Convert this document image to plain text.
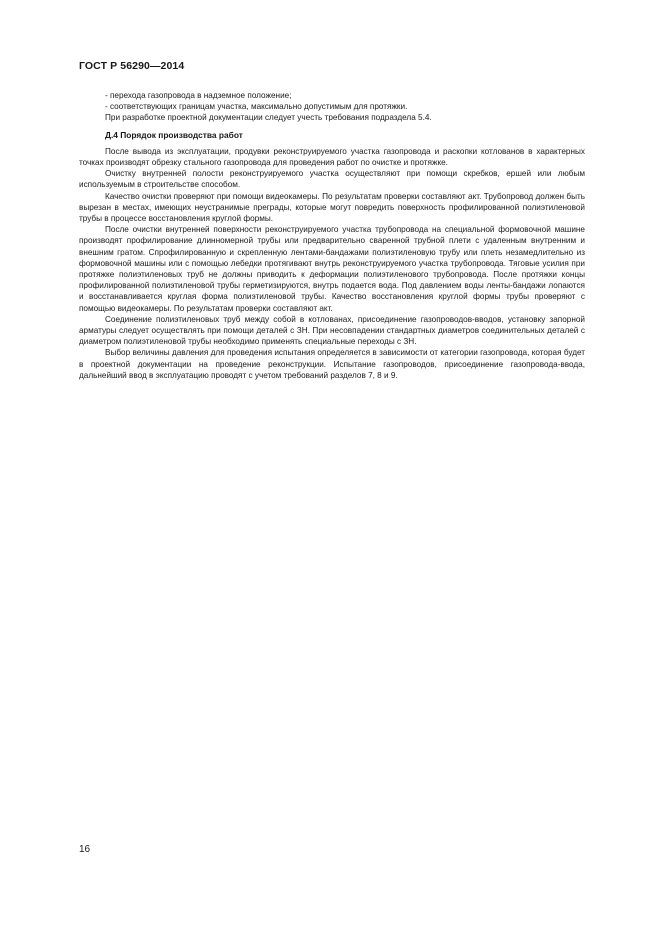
ГОСТ Р 56290—2014

- перехода газопровода в надземное положение;

- соответствующих границам участка, максимально допустимым для протяжки.

При разработке проектной документации следует учесть требования подраздела 5.4.

Д.4 Порядок производства работ

После вывода из эксплуатации, продувки реконструируемого участка газопровода и раскопки котлованов в характерных точках производят обрезку стального газопровода для проведения работ по очистке и протяжке.

Очистку внутренней полости реконструируемого участка осуществляют при помощи скребков, ершей или любым используемым в строительстве способом.

Качество очистки проверяют при помощи видеокамеры. По результатам проверки составляют акт. Трубопровод должен быть вырезан в местах, имеющих неустранимые преграды, которые могут повредить поверхность профилированной полиэтиленовой трубы в процессе восстановления круглой формы.

После очистки внутренней поверхности реконструируемого участка трубопровода на специальной формовочной машине производят профилирование длинномерной трубы или предварительно сваренной трубной плети с удаленным внутренним и внешним гратом. Спрофилированную и скрепленную лентами-бандажами полиэтиленовую трубу или плеть незамедлительно из формовочной машины или с помощью лебедки протягивают внутрь реконструируемого участка трубопровода. Тяговые усилия при протяжке полиэтиленовых труб не должны приводить к деформации полиэтиленового трубопровода. После протяжки концы профилированной полиэтиленовой трубы герметизируются, внутрь подается вода. Под давлением воды ленты-бандажи лопаются и восстанавливается круглая форма полиэтиленовой трубы. Качество восстановления круглой формы трубы проверяют с помощью видеокамеры. По результатам проверки составляют акт.

Соединение полиэтиленовых труб между собой в котлованах, присоединение газопроводов-вводов, установку запорной арматуры следует осуществлять при помощи деталей с ЗН. При несовпадении стандартных диаметров соединительных деталей с диаметром полиэтиленовой трубы необходимо применять специальные переходы с ЗН.

Выбор величины давления для проведения испытания определяется в зависимости от категории газопровода, которая будет в проектной документации на проведение реконструкции. Испытание газопроводов, присоединение газопровода-ввода, дальнейший ввод в эксплуатацию проводят с учетом требований разделов 7, 8 и 9.

16
